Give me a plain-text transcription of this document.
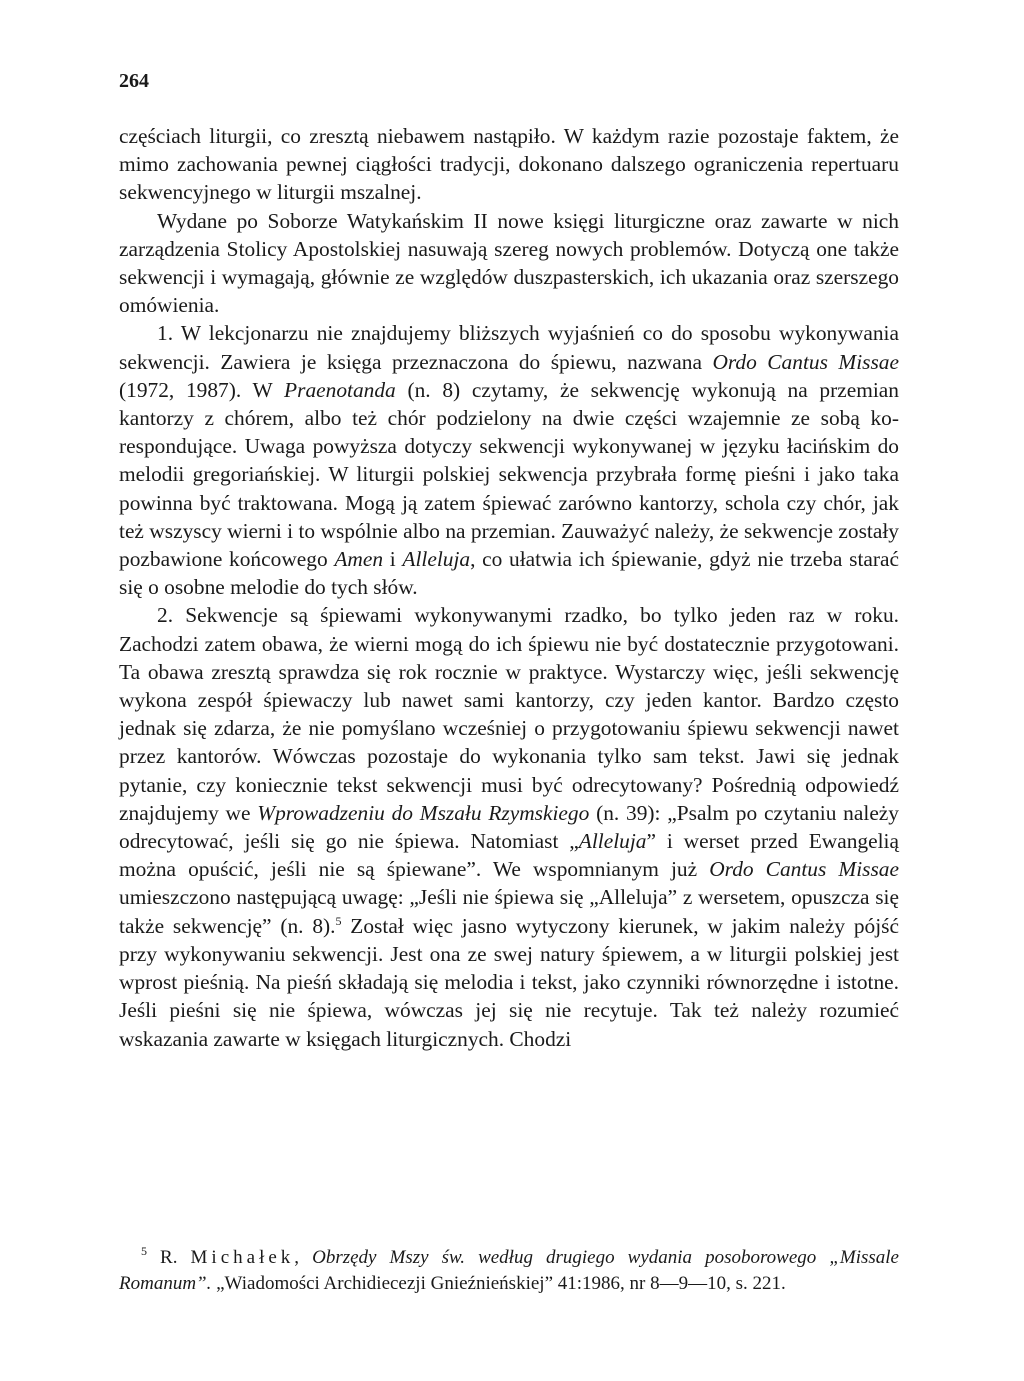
264

częściach liturgii, co zresztą niebawem nastąpiło. W każdym razie pozostaje faktem, że mimo zachowania pewnej ciągłości tradycji, dokonano dalszego ograniczenia repertuaru sekwencyjnego w liturgii mszalnej.

Wydane po Soborze Watykańskim II nowe księgi liturgiczne oraz zawarte w nich zarządzenia Stolicy Apostolskiej nasuwają szereg nowych problemów. Dotyczą one także sekwencji i wymagają, głównie ze względów duszpasterskich, ich ukazania oraz szerszego omówienia.

1. W lekcjonarzu nie znajdujemy bliższych wyjaśnień co do sposobu wykonywania sekwencji. Zawiera je księga przeznaczona do śpiewu, nazwana Ordo Cantus Missae (1972, 1987). W Praenotanda (n. 8) czytamy, że sekwencję wykonują na przemian kantorzy z chórem, albo też chór podzielony na dwie części wzajemnie ze sobą korespondujące. Uwaga powyższa dotyczy sekwencji wykonywanej w języku łacińskim do melodii gregoriańskiej. W liturgii polskiej sekwencja przybrała formę pieśni i jako taka powinna być traktowana. Mogą ją zatem śpiewać zarówno kantorzy, schola czy chór, jak też wszyscy wierni i to wspólnie albo na przemian. Zauważyć należy, że sekwencje zostały pozbawione końcowego Amen i Alleluja, co ułatwia ich śpiewanie, gdyż nie trzeba starać się o osobne melodie do tych słów.

2. Sekwencje są śpiewami wykonywanymi rzadko, bo tylko jeden raz w roku. Zachodzi zatem obawa, że wierni mogą do ich śpiewu nie być dostatecznie przygotowani. Ta obawa zresztą sprawdza się rok rocznie w praktyce. Wystarczy więc, jeśli sekwencję wykona zespół śpiewaczy lub nawet sami kantorzy, czy jeden kantor. Bardzo często jednak się zdarza, że nie pomyślano wcześniej o przygotowaniu śpiewu sekwencji nawet przez kantorów. Wówczas pozostaje do wykonania tylko sam tekst. Jawi się jednak pytanie, czy koniecznie tekst sekwencji musi być odrecytowany? Pośrednią odpowiedź znajdujemy we Wprowadzeniu do Mszału Rzymskiego (n. 39): „Psalm po czytaniu należy odrecytować, jeśli się go nie śpiewa. Natomiast „Alleluja” i werset przed Ewangelią można opuścić, jeśli nie są śpiewane”. We wspomnianym już Ordo Cantus Missae umieszczono następującą uwagę: „Jeśli nie śpiewa się „Alleluja” z wersetem, opuszcza się także sekwencję” (n. 8).$^5$ Został więc jasno wytyczony kierunek, w jakim należy pójść przy wykonywaniu sekwencji. Jest ona ze swej natury śpiewem, a w liturgii polskiej jest wprost pieśnią. Na pieśń składają się melodia i tekst, jako czynniki równorzędne i istotne. Jeśli pieśni się nie śpiewa, wówczas jej się nie recytuje. Tak też należy rozumieć wskazania zawarte w księgach liturgicznych. Chodzi

$^5$ R. Michałek, Obrzędy Mszy św. według drugiego wydania posoborowego „Missale Romanum”. „Wiadomości Archidiecezji Gnieźnieńskiej” 41:1986, nr 8—9—10, s. 221.
